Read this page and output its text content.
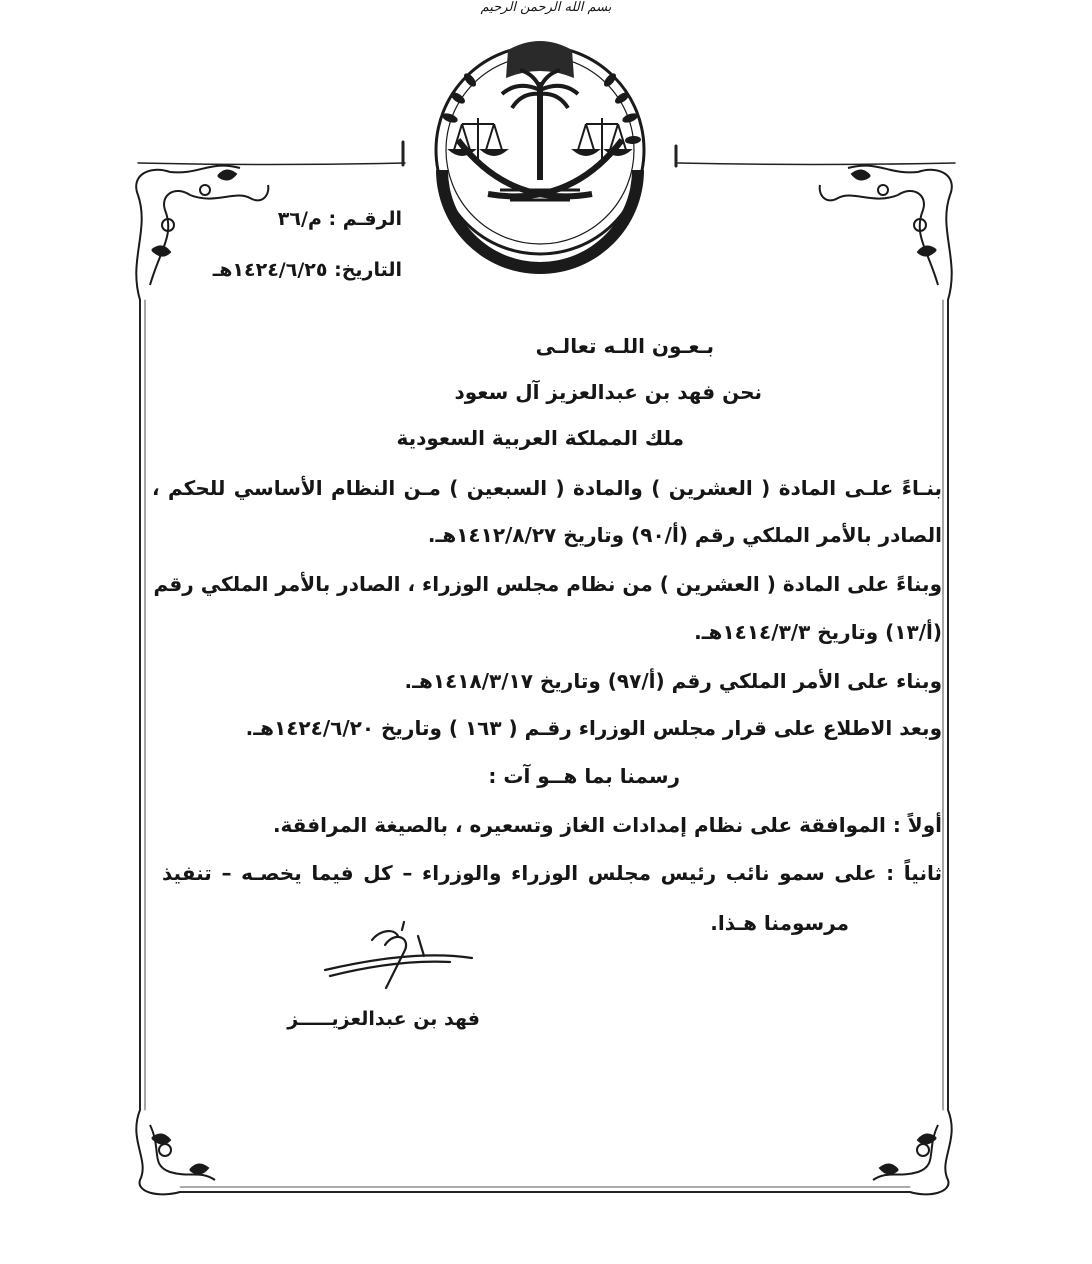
بسم الله الرحمن الرحيم
الرقـم : م/٣٦
التاريخ: ١٤٢٤/٦/٢٥هـ
بـعـون اللـه تعالـى
نحن فهد بن عبدالعزيز آل سعود
ملك المملكة العربية السعودية
بنـاءً علـى المادة ( العشرين ) والمادة ( السبعين ) مـن النظام الأساسي للحكم ،
الصادر بالأمر الملكي رقم (أ/٩٠) وتاريخ ١٤١٢/٨/٢٧هـ.
وبناءً على المادة ( العشرين ) من نظام مجلس الوزراء ، الصادر بالأمر الملكي رقم
(أ/١٣) وتاريخ ١٤١٤/٣/٣هـ.
وبناء على الأمر الملكي رقم (أ/٩٧) وتاريخ ١٤١٨/٣/١٧هـ.
وبعد الاطلاع على قرار مجلس الوزراء رقـم ( ١٦٣ ) وتاريخ ١٤٢٤/٦/٢٠هـ.
رسمنا بما هــو آت :
أولاً : الموافقة على نظام إمدادات الغاز وتسعيره ، بالصيغة المرافقة.
ثانياً : على سمو نائب رئيس مجلس الوزراء والوزراء – كل فيما يخصـه – تنفيذ
مرسومنا هـذا.
فهد بن عبدالعزيـــــز
